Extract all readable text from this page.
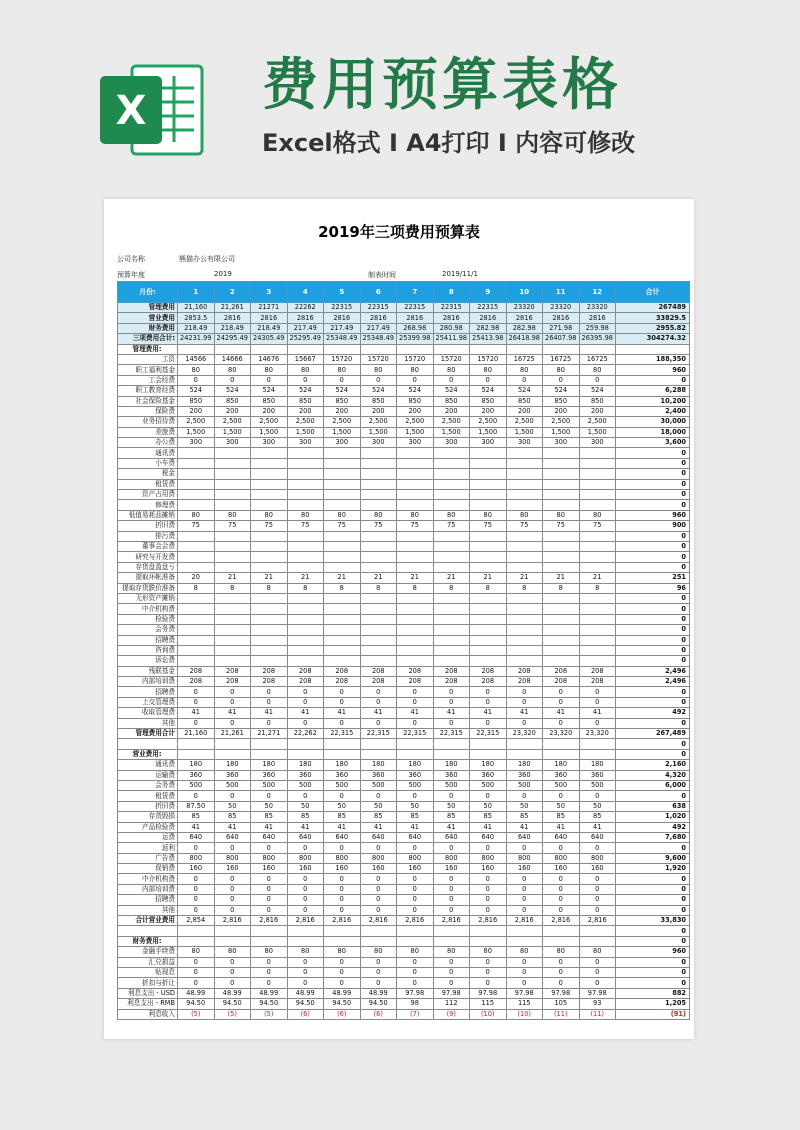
X 费用预算表格
Excel格式 I A4打印 I 内容可修改
2019年三项费用预算表
公司名称	熊猫办公有限公司
预算年度	2019	制表时间	2019/11/1
月份:	1	2	3	4	5	6	7	8	9	10	11	12	合计
管理费用	21,160	21,261	21271	22262	22315	22315	22315	22315	22315	23320	23320	23320	267489
营业费用	2853.5	2816	2816	2816	2816	2816	2816	2816	2816	2816	2816	2816	33829.5
财务费用	218.49	218.49	218.49	217.49	217.49	217.49	268.98	280.98	282.98	282.98	271.98	259.98	2955.82
三项费用合计:	24231.99	24295.49	24305.49	25295.49	25348.49	25348.49	25399.98	25411.98	25413.98	26418.98	26407.98	26395.98	304274.32
管理费用:													
工资	14566	14666	14676	15667	15720	15720	15720	15720	15720	16725	16725	16725	188,350
职工福利基金	80	80	80	80	80	80	80	80	80	80	80	80	960
工会经费	0	0	0	0	0	0	0	0	0	0	0	0	0
职工教育经费	524	524	524	524	524	524	524	524	524	524	524	524	6,288
社会保险基金	850	850	850	850	850	850	850	850	850	850	850	850	10,200
保险费	200	200	200	200	200	200	200	200	200	200	200	200	2,400
业务招待费	2,500	2,500	2,500	2,500	2,500	2,500	2,500	2,500	2,500	2,500	2,500	2,500	30,000
差旅费	1,500	1,500	1,500	1,500	1,500	1,500	1,500	1,500	1,500	1,500	1,500	1,500	18,000
办公费	300	300	300	300	300	300	300	300	300	300	300	300	3,600
通讯费													0
小车费													0
税金													0
租赁费													0
资产占用费													0
修理费													0
低值易耗品摊销	80	80	80	80	80	80	80	80	80	80	80	80	960
折旧费	75	75	75	75	75	75	75	75	75	75	75	75	900
排污费													0
董事会会费													0
研究与开发费													0
存货盘盈盘亏													0
提取坏帐准备	20	21	21	21	21	21	21	21	21	21	21	21	251
提取存货跌价准备	8	8	8	8	8	8	8	8	8	8	8	8	96
无形资产摊销													0
中介机构费													0
检验费													0
会务费													0
招聘费													0
咨询费													0
诉讼费													0
残联基金	208	208	208	208	208	208	208	208	208	208	208	208	2,496
内部培训费	208	208	208	208	208	208	208	208	208	208	208	208	2,496
招聘费	0	0	0	0	0	0	0	0	0	0	0	0	0
上交管理费	0	0	0	0	0	0	0	0	0	0	0	0	0
收取管理费	41	41	41	41	41	41	41	41	41	41	41	41	492
其他	0	0	0	0	0	0	0	0	0	0	0	0	0
管理费用合计	21,160	21,261	21,271	22,262	22,315	22,315	22,315	22,315	22,315	23,320	23,320	23,320	267,489
													0
营业费用:													0
通讯费	180	180	180	180	180	180	180	180	180	180	180	180	2,160
运输费	360	360	360	360	360	360	360	360	360	360	360	360	4,320
会务费	500	500	500	500	500	500	500	500	500	500	500	500	6,000
租赁费	0	0	0	0	0	0	0	0	0	0	0	0	0
折旧费	87.50	50	50	50	50	50	50	50	50	50	50	50	638
存货毁损	85	85	85	85	85	85	85	85	85	85	85	85	1,020
产品检验费	41	41	41	41	41	41	41	41	41	41	41	41	492
运费	640	640	640	640	640	640	640	640	640	640	640	640	7,680
返利	0	0	0	0	0	0	0	0	0	0	0	0	0
广告费	800	800	800	800	800	800	800	800	800	800	800	800	9,600
促销费	160	160	160	160	160	160	160	160	160	160	160	160	1,920
中介机构费	0	0	0	0	0	0	0	0	0	0	0	0	0
内部培训费	0	0	0	0	0	0	0	0	0	0	0	0	0
招聘费	0	0	0	0	0	0	0	0	0	0	0	0	0
其他	0	0	0	0	0	0	0	0	0	0	0	0	0
合计营业费用	2,854	2,816	2,816	2,816	2,816	2,816	2,816	2,816	2,816	2,816	2,816	2,816	33,830
													0
财务费用:													0
金融手续费	80	80	80	80	80	80	80	80	80	80	80	80	960
汇兑损益	0	0	0	0	0	0	0	0	0	0	0	0	0
贴现息	0	0	0	0	0	0	0	0	0	0	0	0	0
折扣与折让	0	0	0	0	0	0	0	0	0	0	0	0	0
利息支出 - USD	48.99	48.99	48.99	48.99	48.99	48.99	97.98	97.98	97.98	97.98	97.98	97.98	882
利息支出 - RMB	94.50	94.50	94.50	94.50	94.50	94.50	98	112	115	115	105	93	1,205
利息收入	(5)	(5)	(5)	(6)	(6)	(6)	(7)	(9)	(10)	(10)	(11)	(11)	(91)
